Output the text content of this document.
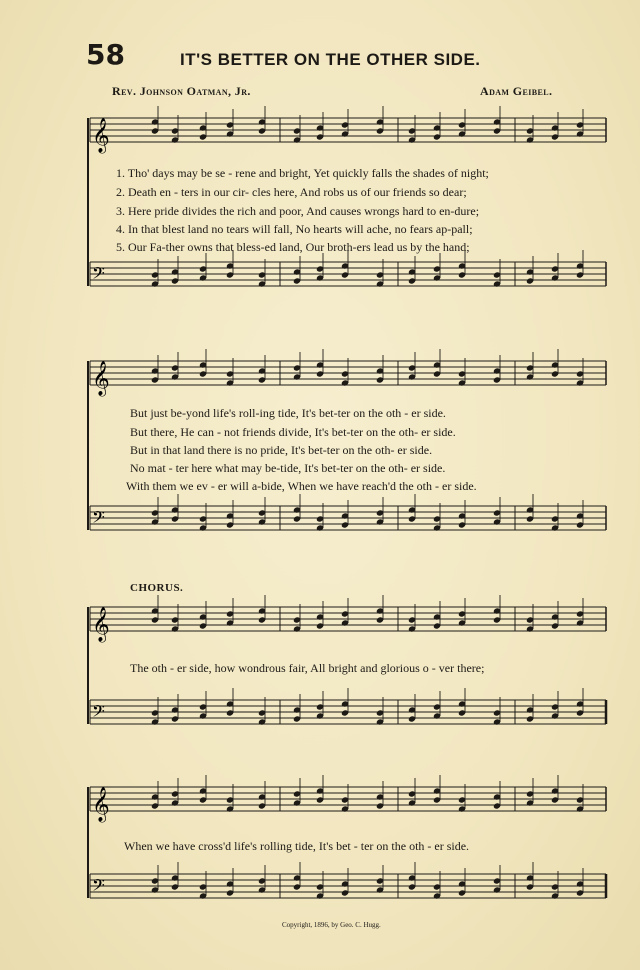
58	IT'S BETTER ON THE OTHER SIDE.
Rev. Johnson Oatman, Jr.	Adam Geibel.
𝄞
𝄢
𝄞
𝄢
𝄞
𝄢
𝄞
𝄢
1. Tho' days may be se - rene and bright, Yet quickly falls the shades of night;
2. Death en - ters in our cir- cles here, And robs us of our friends so dear;
3. Here pride divides the rich and poor, And causes wrongs hard to en-dure;
4. In that blest land no tears will fall, No hearts will ache, no fears ap-pall;
5. Our Fa-ther owns that bless-ed land, Our broth-ers lead us by the hand;
But just be-yond life's roll-ing tide, It's bet-ter on the oth - er side.
But there, He can - not friends divide, It's bet-ter on the oth- er side.
But in that land there is no pride, It's bet-ter on the oth- er side.
No mat - ter here what may be-tide, It's bet-ter on the oth- er side.
With them we ev - er will a-bide, When we have reach'd the oth - er side.
CHORUS.
The oth - er side, how wondrous fair, All bright and glorious o - ver there;
When we have cross'd life's rolling tide, It's bet - ter on the oth - er side.
Copyright, 1896, by Geo. C. Hugg.
